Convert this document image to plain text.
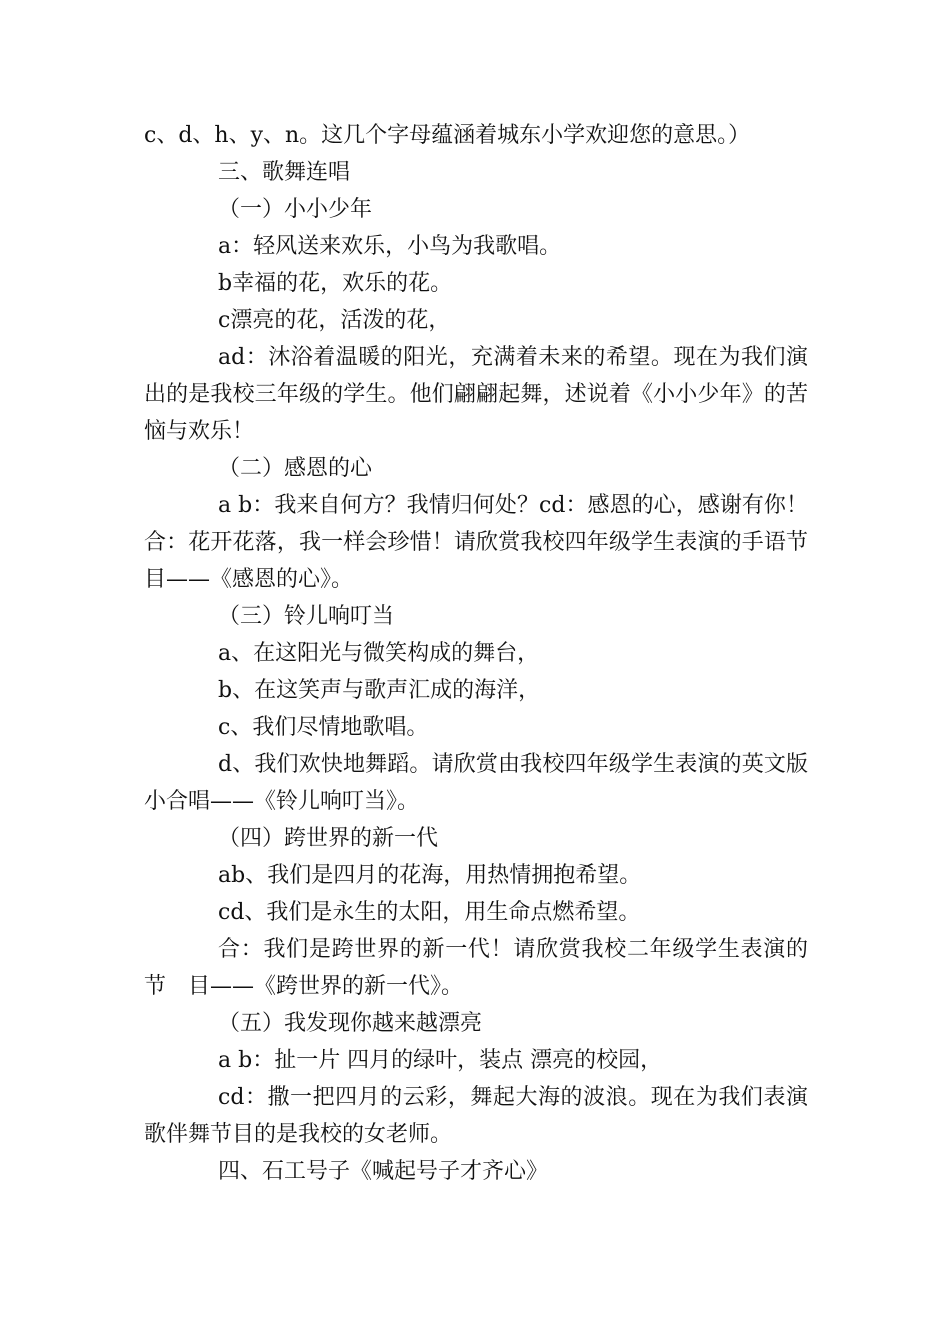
c、d、h、y、n。这几个字母蕴涵着城东小学欢迎您的意思。）

三、歌舞连唱

（一）小小少年

a：轻风送来欢乐，小鸟为我歌唱。

b幸福的花，欢乐的花。

c漂亮的花，活泼的花，

ad：沐浴着温暖的阳光，充满着未来的希望。现在为我们演出的是我校三年级的学生。他们翩翩起舞，述说着《小小少年》的苦恼与欢乐！

（二）感恩的心

a b：我来自何方？我情归何处？cd：感恩的心，感谢有你！合：花开花落，我一样会珍惜！请欣赏我校四年级学生表演的手语节目——《感恩的心》。

（三）铃儿响叮当

a、在这阳光与微笑构成的舞台，

b、在这笑声与歌声汇成的海洋，

c、我们尽情地歌唱。

d、我们欢快地舞蹈。请欣赏由我校四年级学生表演的英文版小合唱——《铃儿响叮当》。

（四）跨世界的新一代

ab、我们是四月的花海，用热情拥抱希望。

cd、我们是永生的太阳，用生命点燃希望。

合：我们是跨世界的新一代！请欣赏我校二年级学生表演的节　目——《跨世界的新一代》。

（五）我发现你越来越漂亮

a b：扯一片 四月的绿叶，装点 漂亮的校园，

cd：撒一把四月的云彩，舞起大海的波浪。现在为我们表演歌伴舞节目的是我校的女老师。

四、石工号子《喊起号子才齐心》
